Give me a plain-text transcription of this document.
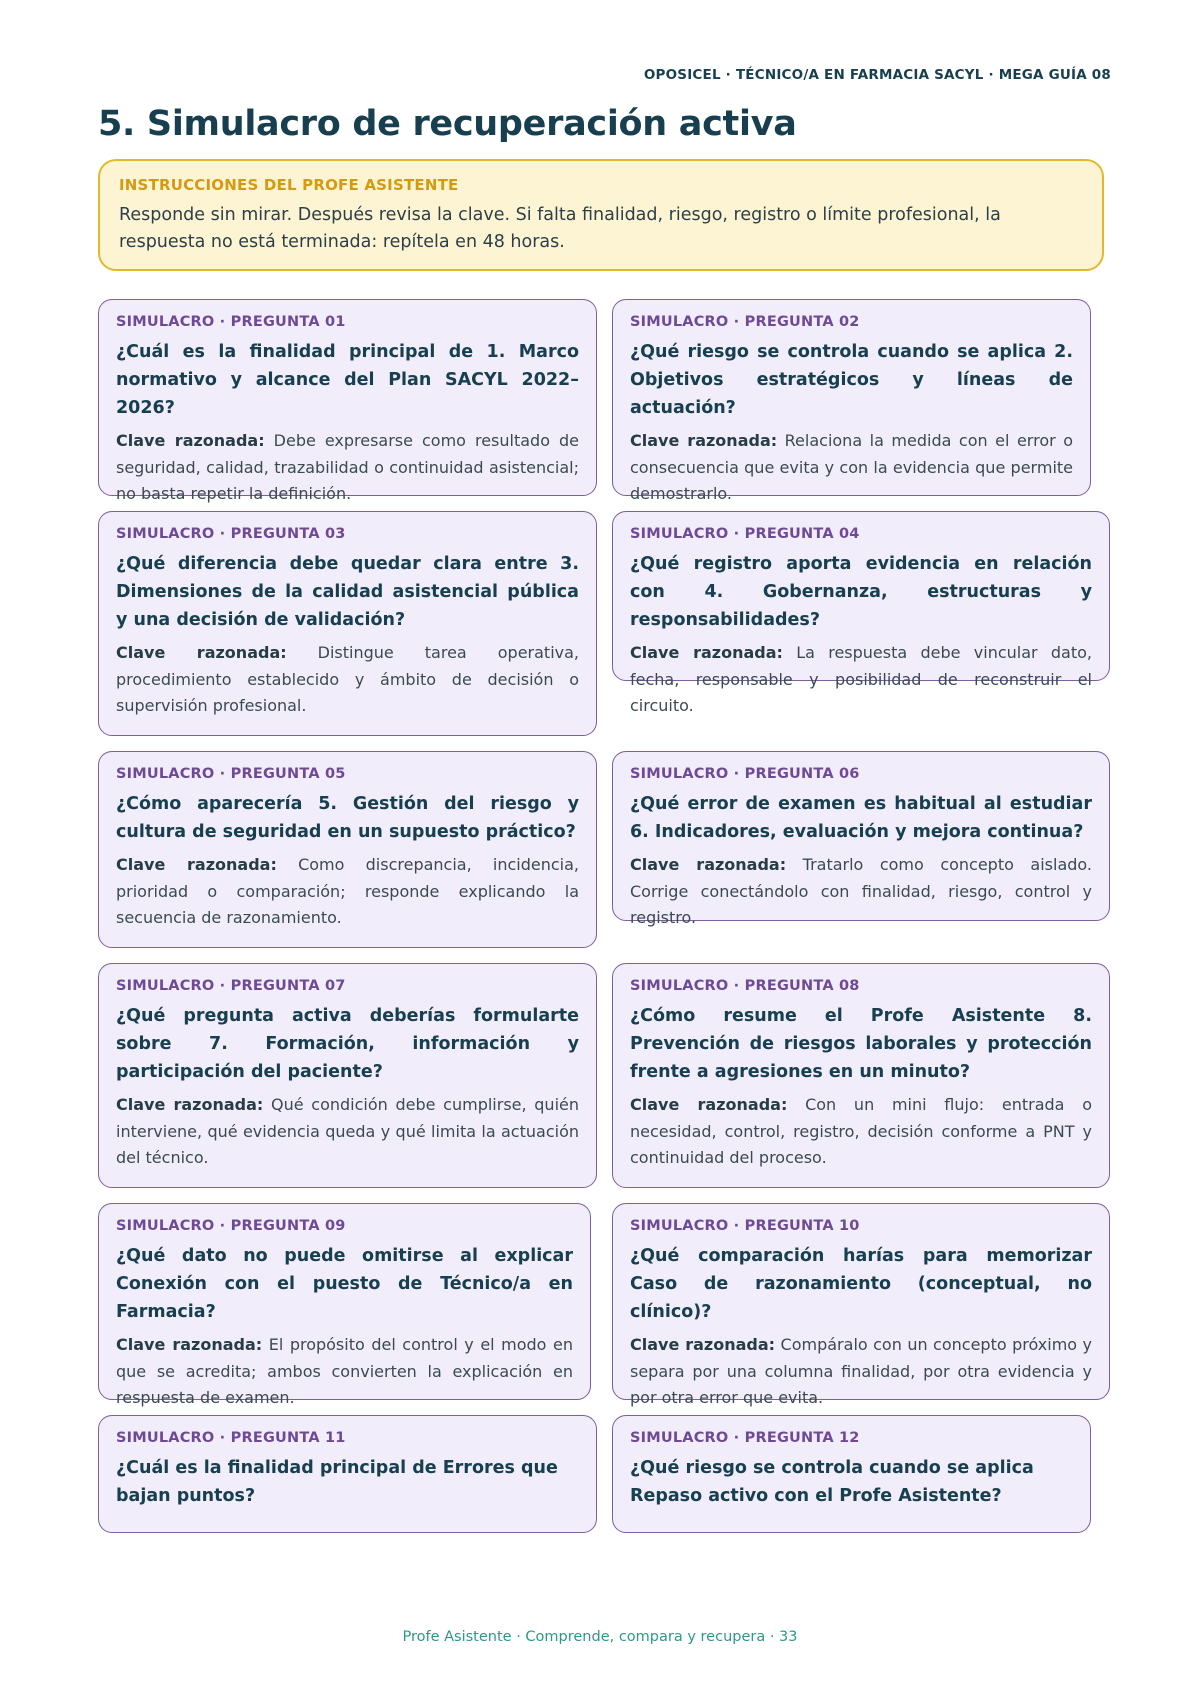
OPOSICEL · TÉCNICO/A EN FARMACIA SACYL · MEGA GUÍA 08
5. Simulacro de recuperación activa
INSTRUCCIONES DEL PROFE ASISTENTE
Responde sin mirar. Después revisa la clave. Si falta finalidad, riesgo, registro o límite profesional, la respuesta no está terminada: repítela en 48 horas.
SIMULACRO · PREGUNTA 01
¿Cuál es la finalidad principal de 1. Marco normativo y alcance del Plan SACYL 2022–2026?
Clave razonada: Debe expresarse como resultado de seguridad, calidad, trazabilidad o continuidad asistencial; no basta repetir la definición.
SIMULACRO · PREGUNTA 02
¿Qué riesgo se controla cuando se aplica 2. Objetivos estratégicos y líneas de actuación?
Clave razonada: Relaciona la medida con el error o consecuencia que evita y con la evidencia que permite demostrarlo.
SIMULACRO · PREGUNTA 03
¿Qué diferencia debe quedar clara entre 3. Dimensiones de la calidad asistencial pública y una decisión de validación?
Clave razonada: Distingue tarea operativa, procedimiento establecido y ámbito de decisión o supervisión profesional.
SIMULACRO · PREGUNTA 04
¿Qué registro aporta evidencia en relación con 4. Gobernanza, estructuras y responsabilidades?
Clave razonada: La respuesta debe vincular dato, fecha, responsable y posibilidad de reconstruir el circuito.
SIMULACRO · PREGUNTA 05
¿Cómo aparecería 5. Gestión del riesgo y cultura de seguridad en un supuesto práctico?
Clave razonada: Como discrepancia, incidencia, prioridad o comparación; responde explicando la secuencia de razonamiento.
SIMULACRO · PREGUNTA 06
¿Qué error de examen es habitual al estudiar 6. Indicadores, evaluación y mejora continua?
Clave razonada: Tratarlo como concepto aislado. Corrige conectándolo con finalidad, riesgo, control y registro.
SIMULACRO · PREGUNTA 07
¿Qué pregunta activa deberías formularte sobre 7. Formación, información y participación del paciente?
Clave razonada: Qué condición debe cumplirse, quién interviene, qué evidencia queda y qué limita la actuación del técnico.
SIMULACRO · PREGUNTA 08
¿Cómo resume el Profe Asistente 8. Prevención de riesgos laborales y protección frente a agresiones en un minuto?
Clave razonada: Con un mini flujo: entrada o necesidad, control, registro, decisión conforme a PNT y continuidad del proceso.
SIMULACRO · PREGUNTA 09
¿Qué dato no puede omitirse al explicar Conexión con el puesto de Técnico/a en Farmacia?
Clave razonada: El propósito del control y el modo en que se acredita; ambos convierten la explicación en respuesta de examen.
SIMULACRO · PREGUNTA 10
¿Qué comparación harías para memorizar Caso de razonamiento (conceptual, no clínico)?
Clave razonada: Compáralo con un concepto próximo y separa por una columna finalidad, por otra evidencia y por otra error que evita.
SIMULACRO · PREGUNTA 11
¿Cuál es la finalidad principal de Errores que bajan puntos?
SIMULACRO · PREGUNTA 12
¿Qué riesgo se controla cuando se aplica Repaso activo con el Profe Asistente?
Profe Asistente · Comprende, compara y recupera · 33
